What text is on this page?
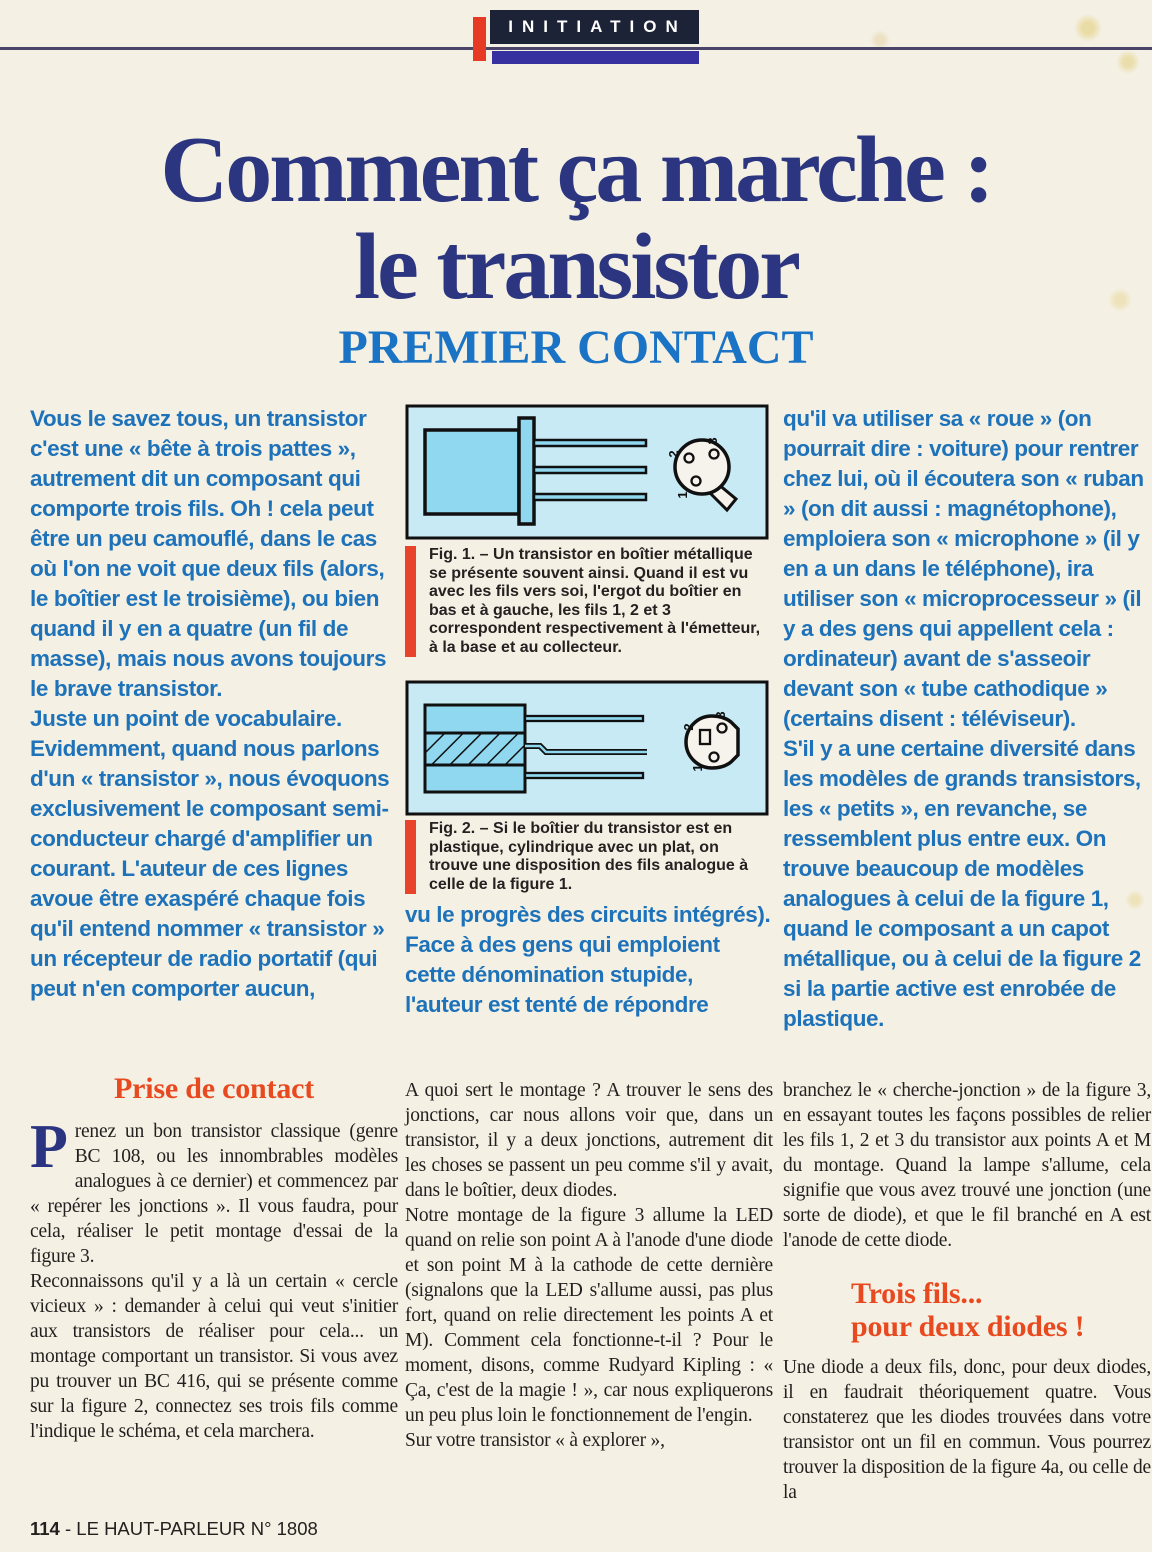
INITIATION
Comment ça marche :
le transistor
PREMIER CONTACT

Vous le savez tous, un transistor c'est une « bête à trois pattes », autrement dit un composant qui comporte trois fils. Oh ! cela peut être un peu camouflé, dans le cas où l'on ne voit que deux fils (alors, le boîtier est le troisième), ou bien quand il y en a quatre (un fil de masse), mais nous avons toujours le brave transistor.

Juste un point de vocabulaire. Evidemment, quand nous parlons d'un « transistor », nous évoquons exclusivement le composant semi-conducteur chargé d'amplifier un courant. L'auteur de ces lignes avoue être exaspéré chaque fois qu'il entend nommer « transistor » un récepteur de radio portatif (qui peut n'en comporter aucun,

2
1
3
Fig. 1. – Un transistor en boîtier métallique se présente souvent ainsi. Quand il est vu avec les fils vers soi, l'ergot du boîtier en bas et à gauche, les fils 1, 2 et 3 correspondent respectivement à l'émetteur, à la base et au collecteur.
2
1
3
Fig. 2. – Si le boîtier du transistor est en plastique, cylindrique avec un plat, on trouve une disposition des fils analogue à celle de la figure 1.

vu le progrès des circuits intégrés).

Face à des gens qui emploient cette dénomination stupide, l'auteur est tenté de répondre

qu'il va utiliser sa « roue » (on pourrait dire : voiture) pour rentrer chez lui, où il écoutera son « ruban » (on dit aussi : magnétophone), emploiera son « microphone » (il y en a un dans le téléphone), ira utiliser son « microprocesseur » (il y a des gens qui appellent cela : ordinateur) avant de s'asseoir devant son « tube cathodique » (certains disent : téléviseur).

S'il y a une certaine diversité dans les modèles de grands transistors, les « petits », en revanche, se ressemblent plus entre eux. On trouve beaucoup de modèles analogues à celui de la figure 1, quand le composant a un capot métallique, ou à celui de la figure 2 si la partie active est enrobée de plastique.

Prise de contact

Prenez un bon transistor classique (genre BC 108, ou les innombrables modèles analogues à ce dernier) et commencez par « repérer les jonctions ». Il vous faudra, pour cela, réaliser le petit montage d'essai de la figure 3.

Reconnaissons qu'il y a là un certain « cercle vicieux » : demander à celui qui veut s'initier aux transistors de réaliser pour cela... un montage comportant un transistor. Si vous avez pu trouver un BC 416, qui se présente comme sur la figure 2, connectez ses trois fils comme l'indique le schéma, et cela marchera.

A quoi sert le montage ? A trouver le sens des jonctions, car nous allons voir que, dans un transistor, il y a deux jonctions, autrement dit les choses se passent un peu comme s'il y avait, dans le boîtier, deux diodes.

Notre montage de la figure 3 allume la LED quand on relie son point A à l'anode d'une diode et son point M à la cathode de cette dernière (signalons que la LED s'allume aussi, pas plus fort, quand on relie directement les points A et M). Comment cela fonctionne-t-il ? Pour le moment, disons, comme Rudyard Kipling : « Ça, c'est de la magie ! », car nous expliquerons un peu plus loin le fonctionnement de l'engin.

Sur votre transistor « à explorer »,

branchez le « cherche-jonction » de la figure 3, en essayant toutes les façons possibles de relier les fils 1, 2 et 3 du transistor aux points A et M du montage. Quand la lampe s'allume, cela signifie que vous avez trouvé une jonction (une sorte de diode), et que le fil branché en A est l'anode de cette diode.

Trois fils...
pour deux diodes !

Une diode a deux fils, donc, pour deux diodes, il en faudrait théoriquement quatre. Vous constaterez que les diodes trouvées dans votre transistor ont un fil en commun. Vous pourrez trouver la disposition de la figure 4a, ou celle de la

114 - LE HAUT-PARLEUR N° 1808
